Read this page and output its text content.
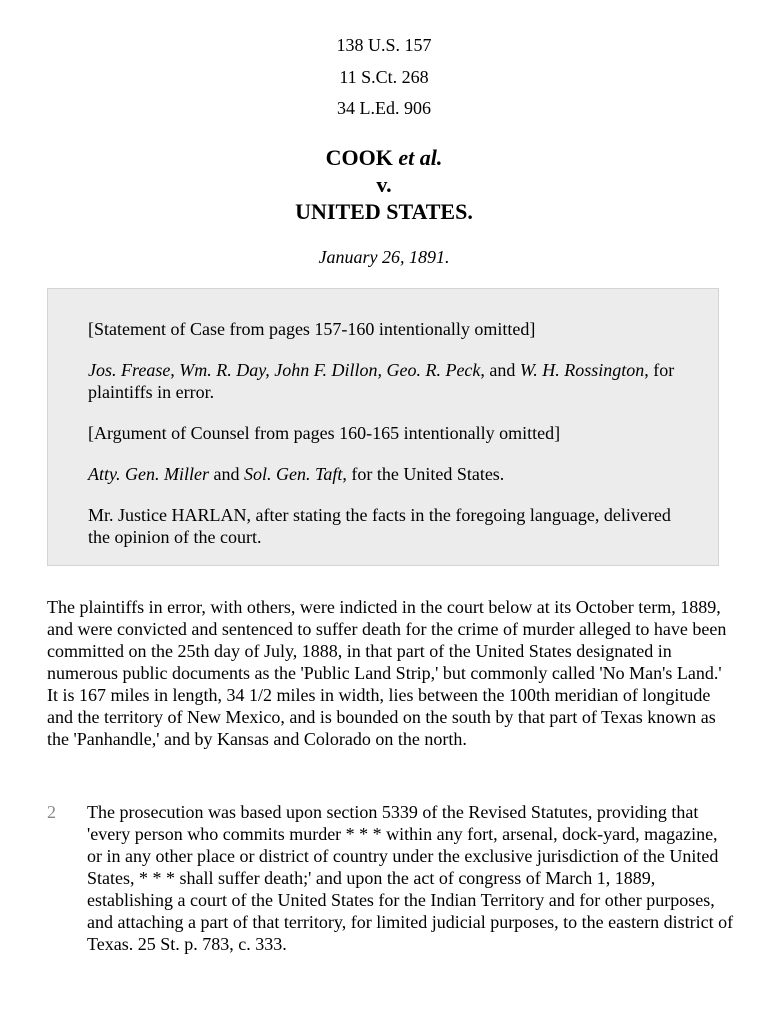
138 U.S. 157
11 S.Ct. 268
34 L.Ed. 906
COOK et al.
v.
UNITED STATES.
January 26, 1891.

[Statement of Case from pages 157-160 intentionally omitted]

Jos. Frease, Wm. R. Day, John F. Dillon, Geo. R. Peck, and W. H. Rossington, for plaintiffs in error.

[Argument of Counsel from pages 160-165 intentionally omitted]

Atty. Gen. Miller and Sol. Gen. Taft, for the United States.

Mr. Justice HARLAN, after stating the facts in the foregoing language, delivered the opinion of the court.

The plaintiffs in error, with others, were indicted in the court below at its October term, 1889, and were convicted and sentenced to suffer death for the crime of murder alleged to have been committed on the 25th day of July, 1888, in that part of the United States designated in numerous public documents as the 'Public Land Strip,' but commonly called 'No Man's Land.' It is 167 miles in length, 34 1/2 miles in width, lies between the 100th meridian of longitude and the territory of New Mexico, and is bounded on the south by that part of Texas known as the 'Panhandle,' and by Kansas and Colorado on the north.

2 The prosecution was based upon section 5339 of the Revised Statutes, providing that 'every person who commits murder * * * within any fort, arsenal, dock-yard, magazine, or in any other place or district of country under the exclusive jurisdiction of the United States, * * * shall suffer death;' and upon the act of congress of March 1, 1889, establishing a court of the United States for the Indian Territory and for other purposes, and attaching a part of that territory, for limited judicial purposes, to the eastern district of Texas. 25 St. p. 783, c. 333.
